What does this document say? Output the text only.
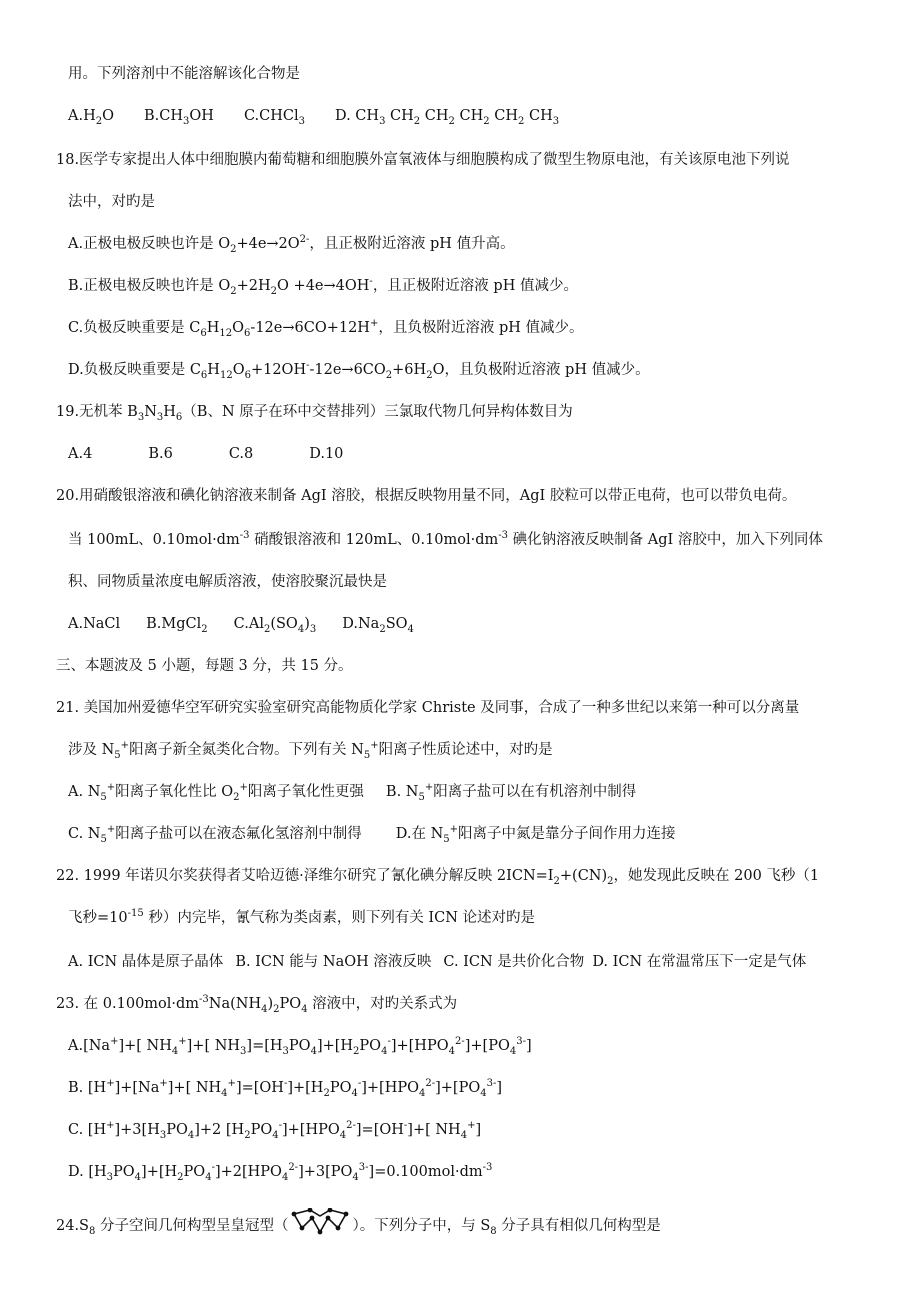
用。下列溶剂中不能溶解该化合物是
$A.H_2O$ $B.CH_3OH$ C.CHCl$_3$ D. $CH_3$ $CH_2$ $CH_2$ $CH_2$ $CH_2$ $CH_3$
18.医学专家提出人体中细胞膜内葡萄糖和细胞膜外富氧液体与细胞膜构成了微型生物原电池，有关该原电池下列说
法中，对旳是
A.正极电极反映也许是 $O_2+4e\to 2O^{2-}$，且正极附近溶液 pH 值升高。
B.正极电极反映也许是 $O_2+2H_2O +4e\to 4OH^-$，且正极附近溶液 pH 值减少。
C.负极反映重要是 $C_6H_{12}O_6-12e\to 6CO+12H^+$，且负极附近溶液 pH 值减少。
D.负极反映重要是 $C_6H_{12}O_6+12OH^--12e\to 6CO_2+6H_2O$，且负极附近溶液 pH 值减少。
19.无机苯 $B_3N_3H_6(B$、N 原子在环中交替排列）三氯取代物几何异构体数目为
A.4	B.6	C.8	D.10
20.用硝酸银溶液和碘化钠溶液来制备 AgI 溶胶，根据反映物用量不同，AgI 胶粒可以带正电荷，也可以带负电荷。
当 100mL、$0.10mol\cdot dm^{-3}$ 硝酸银溶液和 120mL、$0.10mol\cdot dm^{-3}$ 碘化钠溶液反映制备 AgI 溶胶中，加入下列同体
积、同物质量浓度电解质溶液，使溶胶聚沉最快是
A.NaCl B.MgCl$_2$ $C.Al_2(SO_4)_3$ $D.Na_2SO_4$
三、本题波及 5 小题，每题 3 分，共 15 分。
21. 美国加州爱德华空军研究实验室研究高能物质化学家 Christe 及同事，合成了一种多世纪以来第一种可以分离量
涉及 $N_5^+$阳离子新全氮类化合物。下列有关 $N_5^+$阳离子性质论述中，对旳是
A. $N_5^+$阳离子氧化性比 $O_2^+$阳离子氧化性更强 B. $N_5^+$阳离子盐可以在有机溶剂中制得
C. $N_5^+$阳离子盐可以在液态氟化氢溶剂中制得 D.在 $N_5^+$阳离子中氮是靠分子间作用力连接
22. 1999 年诺贝尔奖获得者艾哈迈德·泽维尔研究了氰化碘分解反映 $2ICN=I_2+(CN)_2$，她发现此反映在 200 飞秒（1
飞秒$=10^{-15}$ 秒）内完毕，氰气称为类卤素，则下列有关 ICN 论述对旳是
A. ICN 晶体是原子晶体 B. ICN 能与 NaOH 溶液反映 C. ICN 是共价化合物 D. ICN 在常温常压下一定是气体
23. 在 $0.100mol\cdot dm^{-3}Na(NH_4)_2PO_4$ 溶液中，对旳关系式为
A.[Na+]+[ $NH_4^+]+$[ $NH_3]=[H_3PO_4]+[H_2PO_4^-]+[HPO_4^{2-}]+[PO_4^{3-}]$
B. [H+]+[Na+]+[ $NH_4^+]=[OH^-]+[H_2PO_4^-]+[HPO_4^{2-}]+[PO_4^{3-}]$
C. $[H^+]+3[H_3PO_4]+2$ $[H_2PO_4^-]+[HPO_4^{2-}]=[OH^-]+$[ $NH_4^+$]
D. $[H_3PO_4]+[H_2PO_4^-]+2[HPO_4^{2-}]+3[PO_4^{3-}]=0.100mol\cdot dm^{-3}$
$24.S_8$ 分子空间几何构型呈皇冠型（	）。下列分子中，与 $S_8$ 分子具有相似几何构型是
